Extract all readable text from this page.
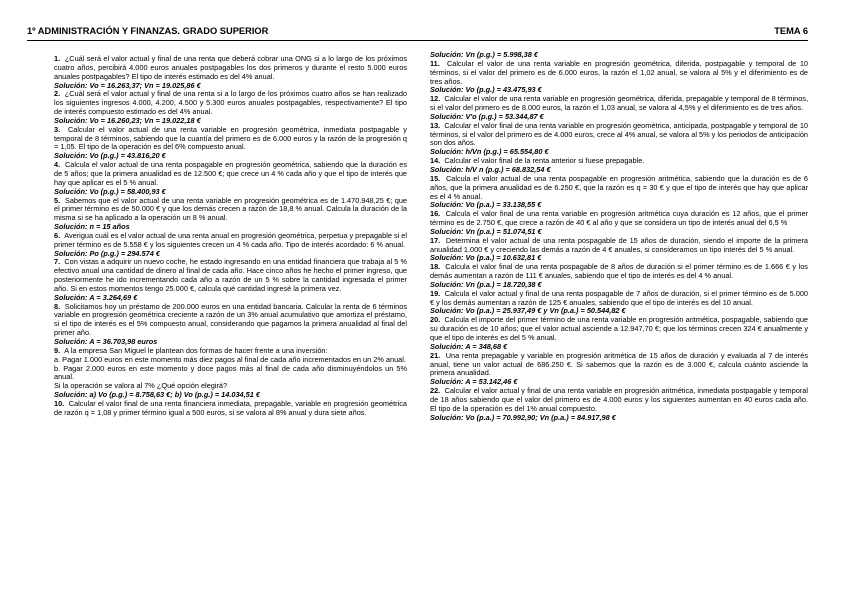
1º ADMINISTRACIÓN Y FINANZAS. GRADO SUPERIOR	TEMA 6

1. ¿Cuál será el valor actual y final de una renta que deberá cobrar una ONG si a lo largo de los próximos cuatro años, percibirá 4.000 euros anuales postpagables los dos primeros y durante el resto 5.000 euros anuales postpagables? El tipo de interés estimado es del 4% anual.

Solución: Vo = 16.263,37; Vn = 19.025,86 €

2. ¿Cuál será el valor actual y final de una renta si a lo largo de los próximos cuatro años se han realizado los siguientes ingresos 4.000, 4.200, 4.500 y 5.300 euros anuales postpagables, respectivamente? El tipo de interés compuesto estimado es del 4% anual.

Solución: Vo = 16.260,23; Vn = 19.022,18 €

3. Calcular el valor actual de una renta variable en progresión geométrica, inmediata postpagable y temporal de 8 términos, sabiendo que la cuantía del primero es de 6.000 euros y la razón de la progresión q = 1,05. El tipo de la operación es del 6% compuesto anual.

Solución: Vo (p.g.) = 43.816,20 €

4. Calcula el valor actual de una renta pospagable en progresión geométrica, sabiendo que la duración es de 5 años; que la primera anualidad es de 12.500 €; que crece un 4 % cada año y que el tipo de interés que hay que aplicar es el 5 % anual.

Solución: Vo (p.g.) = 58.400,93 €

5. Sabemos que el valor actual de una renta variable en progresión geométrica es de 1.470.948,25 €; que el primer término es de 50.000 € y que los demás crecen a razón de 18,8 % anual. Calcula la duración de la misma si se ha aplicado a la operación un 8 % anual.

Solución: n = 15 años

6. Averigua cuál es el valor actual de una renta anual en progresión geométrica, perpetua y prepagable si el primer término es de 5.558 € y los siguientes crecen un 4 % cada año. Tipo de interés acordado: 6 % anual.

Solución: Po (p.g.) = 294.574 €

7. Con vistas a adquirir un nuevo coche, he estado ingresando en una entidad financiera que trabaja al 5 % efectivo anual una cantidad de dinero al final de cada año. Hace cinco años he hecho el primer ingreso, que posteriormente he ido incrementando cada año a razón de un 5 % sobre la cantidad ingresada el primer año. Si en estos momentos tengo 25.000 €, calcula qué cantidad ingresé la primera vez.

Solución: A = 3.264,69 €

8. Solicitamos hoy un préstamo de 200.000 euros en una entidad bancaria. Calcular la renta de 6 términos variable en progresión geométrica creciente a razón de un 3% anual acumulativo que amortiza el préstamo, si el tipo de interés es el 5% compuesto anual, considerando que pagamos la primera anualidad al final del primer año.

Solución: A = 36.703,98 euros

9. A la empresa San Miguel le plantean dos formas de hacer frente a una inversión:

a. Pagar 1.000 euros en este momento más diez pagos al final de cada año incrementados en un 2% anual.

b. Pagar 2.000 euros en este momento y doce pagos más al final de cada año disminuyéndolos un 5% anual.

Si la operación se valora al 7% ¿Qué opción elegirá?

Solución: a) Vo (p.g.) = 8.758,63 €; b) Vo (p.g.) = 14.034,51 €

10. Calcular el valor final de una renta financiera inmediata, prepagable, variable en progresión geométrica de razón q = 1,08 y primer término igual a 500 euros, si se valora al 8% anual y dura siete años.

Solución: Vn (p.g.) = 5.998,38 €

11. Calcular el valor de una renta variable en progresión geométrica, diferida, postpagable y temporal de 10 términos, si el valor del primero es de 6.000 euros, la razón el 1,02 anual, se valora al 5% y el diferimiento es de tres años.

Solución: Vo (p.g.) = 43.475,93 €

12. Calcular el valor de una renta variable en progresión geométrica, diferida, prepagable y temporal de 8 términos, si el valor del primero es de 8.000 euros, la razón el 1,03 anual, se valora al 4,5% y el diferimiento es de tres años.

Solución: V'o (p.g.) = 53.344,87 €

13. Calcular el valor final de una renta variable en progresión geométrica, anticipada, postpagable y temporal de 10 términos, si el valor del primero es de 4.000 euros, crece al 4% anual, se valora al 5% y los periodos de anticipación son dos años.

Solución: h/Vn (p.g.) = 65.554,80 €

14. Calcular el valor final de la renta anterior si fuese prepagable.

Solución: h/V n (p.g.) = 68.832,54 €

15. Calcula el valor actual de una renta pospagable en progresión aritmética, sabiendo que la duración es de 6 años, que la primera anualidad es de 6.250 €, que la razón es q = 30 € y que el tipo de interés que hay que aplicar es el 4 % anual.

Solución: Vo (p.a.) = 33.138,55 €

16. Calcula el valor final de una renta variable en progresión aritmética cuya duración es 12 años, que el primer término es de 2.750 €, que crece a razón de 40 € al año y que se considera un tipo de interés anual del 6,5 %

Solución: Vn (p.a.) = 51.074,51 €

17. Determina el valor actual de una renta pospagable de 15 años de duración, siendo el importe de la primera anualidad 1.000 € y creciendo las demás a razón de 4 € anuales, si consideramos un tipo interés del 5 % anual.

Solución: Vo (p.a.) = 10.632,81 €

18. Calcula el valor final de una renta pospagable de 8 años de duración si el primer término es de 1.666 € y los demás aumentan a razón de 111 € anuales, sabiendo que el tipo de interés es del 4 % anual.

Solución: Vn (p.a.) = 18.720,38 €

19. Calcula el valor actual y final de una renta pospagable de 7 años de duración, si el primer término es de 5.000 € y los demás aumentan a razón de 125 € anuales, sabiendo que el tipo de interés es del 10 anual.

Solución: Vo (p.a.) = 25.937,49 € y Vn (p.a.) = 50.544,82 €

20. Calcula el importe del primer término de una renta variable en progresión aritmética, pospagable, sabiendo que su duración es de 10 años; que el valor actual asciende a 12.947,70 €; que los términos crecen 324 € anualmente y que el tipo de interés es del 5 % anual.

Solución: A = 348,68 €

21. Una renta prepagable y variable en progresión aritmética de 15 años de duración y evaluada al 7 de interés anual, tiene un valor actual de 686.250 €. Si sabemos que la razón es de 3.000 €, calcula cuánto asciende la primera anualidad.

Solución: A = 53.142,46 €

22. Calcular el valor actual y final de una renta variable en progresión aritmética, inmediata postpagable y temporal de 18 años sabiendo que el valor del primero es de 4.000 euros y los siguientes aumentan en 40 euros cada año. El tipo de la operación es del 1% anual compuesto.

Solución: Vo (p.a.) = 70.992,90; Vn (p.a.) = 84.917,98 €
